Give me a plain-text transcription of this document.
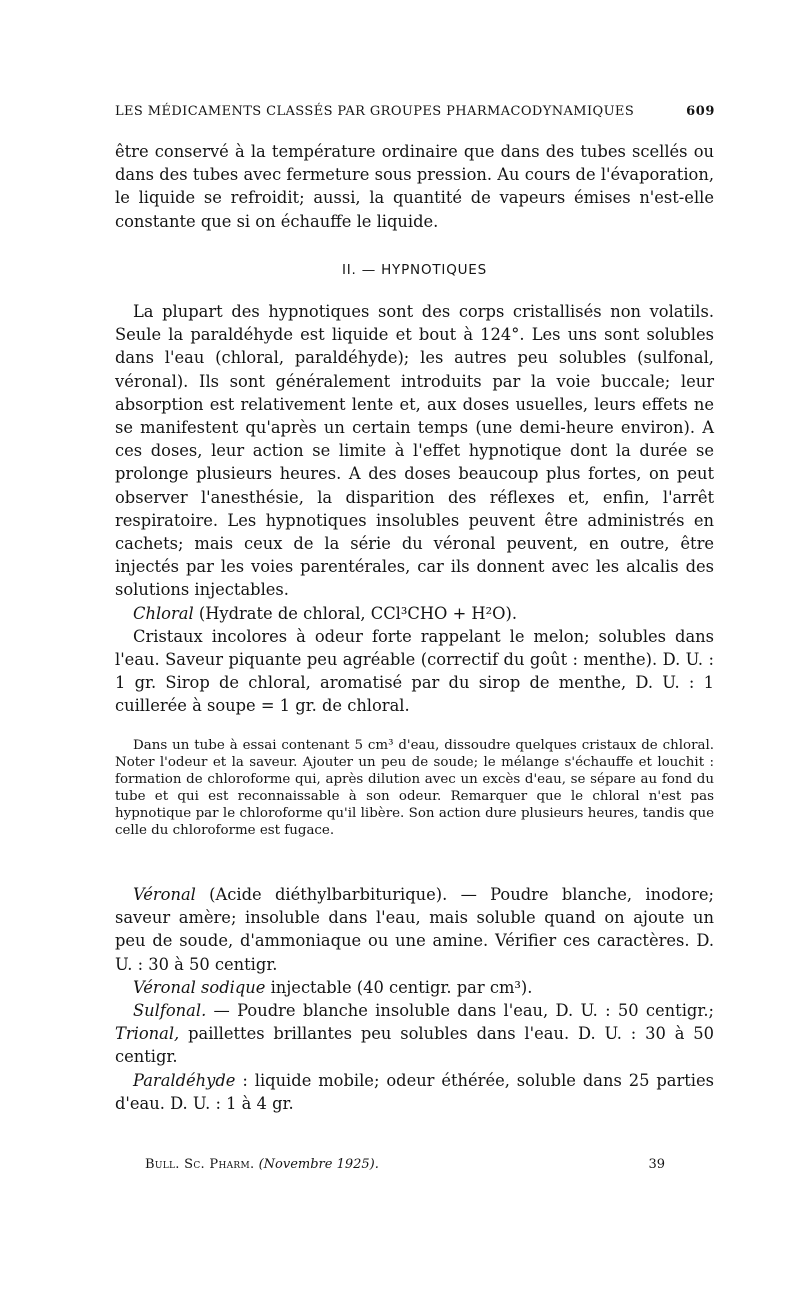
LES MÉDICAMENTS CLASSÉS PAR GROUPES PHARMACODYNAMIQUES	609

être conservé à la température ordinaire que dans des tubes scellés ou dans des tubes avec fermeture sous pression. Au cours de l'évaporation, le liquide se refroidit; aussi, la quantité de vapeurs émises n'est-elle constante que si on échauffe le liquide.

II. — HYPNOTIQUES

La plupart des hypnotiques sont des corps cristallisés non volatils. Seule la paraldéhyde est liquide et bout à 124°. Les uns sont solubles dans l'eau (chloral, paraldéhyde); les autres peu solubles (sulfonal, véronal). Ils sont généralement introduits par la voie buccale; leur absorption est relativement lente et, aux doses usuelles, leurs effets ne se manifestent qu'après un certain temps (une demi-heure environ). A ces doses, leur action se limite à l'effet hypnotique dont la durée se prolonge plusieurs heures. A des doses beaucoup plus fortes, on peut observer l'anesthésie, la disparition des réflexes et, enfin, l'arrêt respiratoire. Les hypnotiques insolubles peuvent être administrés en cachets; mais ceux de la série du véronal peuvent, en outre, être injectés par les voies parentérales, car ils donnent avec les alcalis des solutions injectables.

Chloral (Hydrate de chloral, CCl³CHO + H²O).

Cristaux incolores à odeur forte rappelant le melon; solubles dans l'eau. Saveur piquante peu agréable (correctif du goût : menthe). D. U. : 1 gr. Sirop de chloral, aromatisé par du sirop de menthe, D. U. : 1 cuillerée à soupe = 1 gr. de chloral.

Dans un tube à essai contenant 5 cm³ d'eau, dissoudre quelques cristaux de chloral. Noter l'odeur et la saveur. Ajouter un peu de soude; le mélange s'échauffe et louchit : formation de chloroforme qui, après dilution avec un excès d'eau, se sépare au fond du tube et qui est reconnaissable à son odeur. Remarquer que le chloral n'est pas hypnotique par le chloroforme qu'il libère. Son action dure plusieurs heures, tandis que celle du chloroforme est fugace.

Véronal (Acide diéthylbarbiturique). — Poudre blanche, inodore; saveur amère; insoluble dans l'eau, mais soluble quand on ajoute un peu de soude, d'ammoniaque ou une amine. Vérifier ces caractères. D. U. : 30 à 50 centigr.

Véronal sodique injectable (40 centigr. par cm³).

Sulfonal. — Poudre blanche insoluble dans l'eau, D. U. : 50 centigr.; Trional, paillettes brillantes peu solubles dans l'eau. D. U. : 30 à 50 centigr.

Paraldéhyde : liquide mobile; odeur éthérée, soluble dans 25 parties d'eau. D. U. : 1 à 4 gr.

Bull. Sc. Pharm. (Novembre 1925).	39
